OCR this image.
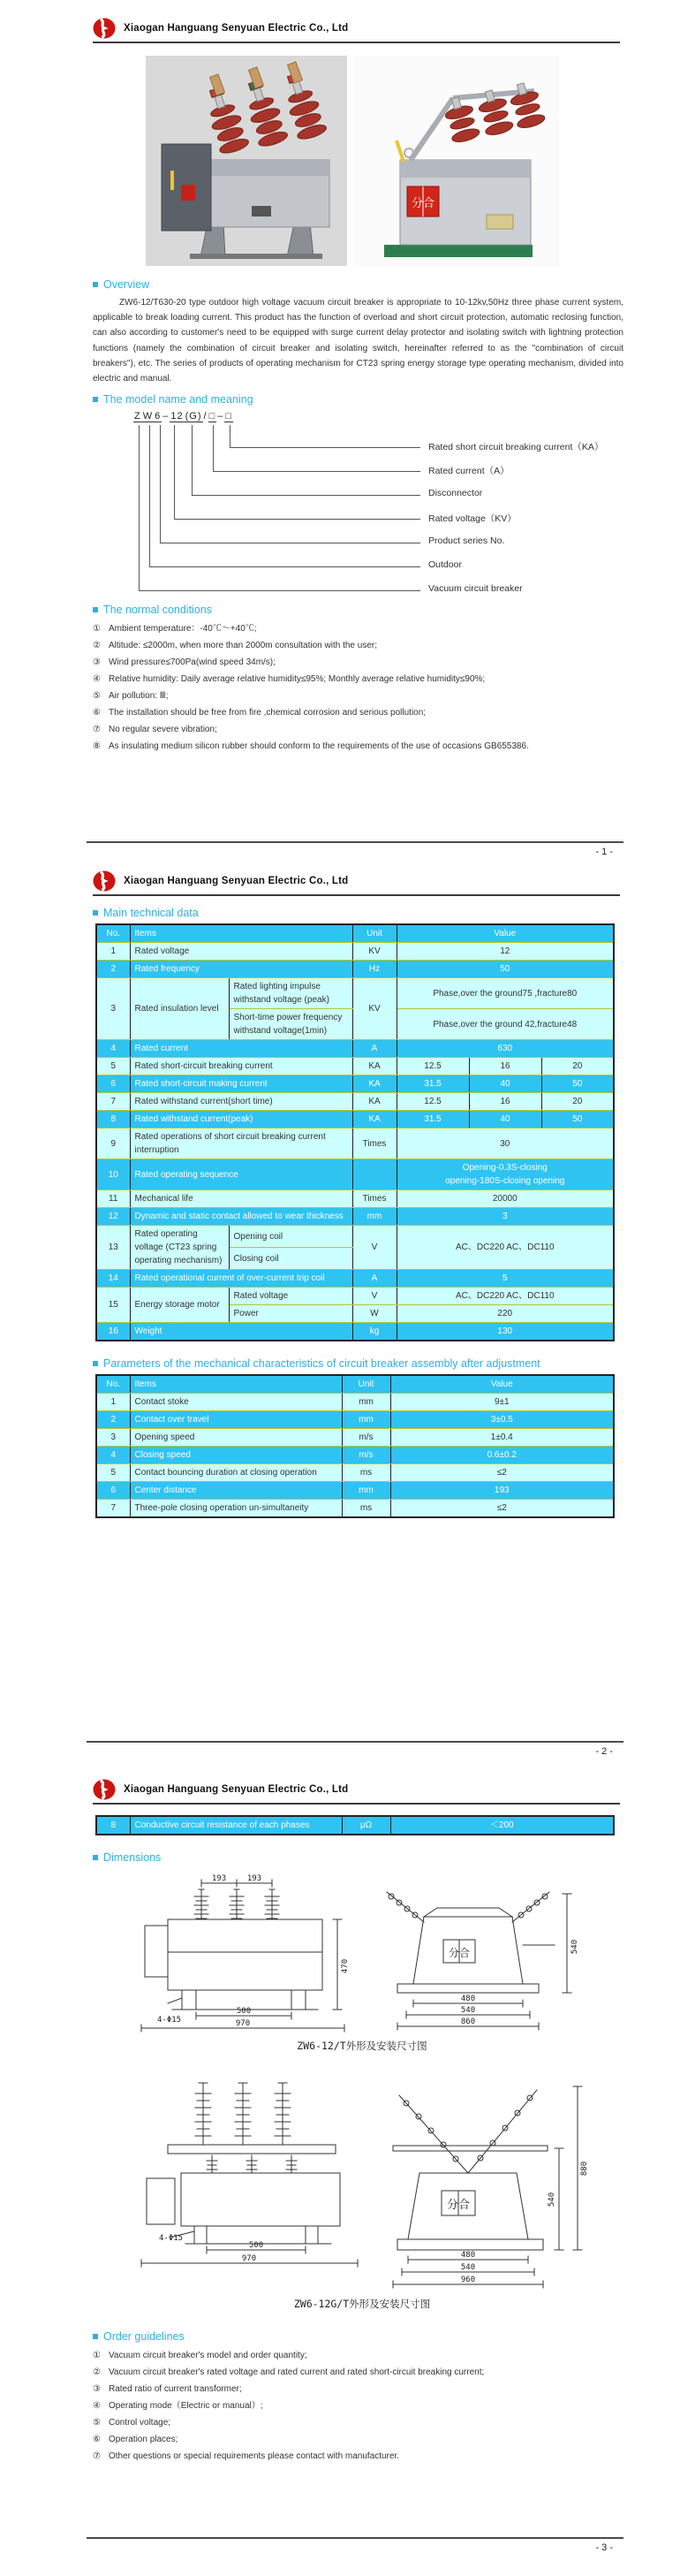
Xiaogan Hanguang Senyuan Electric Co., Ltd
分合
Overview
ZW6-12/T630-20 type outdoor high voltage vacuum circuit breaker is appropriate to 10-12kv,50Hz three phase current system, applicable to break loading current. This product has the function of overload and short circuit protection, automatic reclosing function, can also according to customer's need to be equipped with surge current delay protector and isolating switch with lightning protection functions (namely the combination of circuit breaker and isolating switch, hereinafter referred to as the "combination of circuit breakers"), etc. The series of products of operating mechanism for CT23 spring energy storage type operating mechanism, divided into electric and manual.
The model name and meaning
Z W 6 – 12 (G) / □ – □
Rated short circuit breaking current（KA）
Rated current（A）
Disconnector
Rated voltage（KV）
Product series No.
Outdoor
Vacuum circuit breaker
The normal conditions
① Ambient temperature：-40℃～+40℃;
② Altitude: ≤2000m, when more than 2000m consultation with the user;
③ Wind pressure≤700Pa(wind speed 34m/s);
④ Relative humidity: Daily average relative humidity≤95%; Monthly average relative humidity≤90%;
⑤ Air pollution: Ⅲ;
⑥ The installation should be free from fire ,chemical corrosion and serious pollution;
⑦ No regular severe vibration;
⑧ As insulating medium silicon rubber should conform to the requirements of the use of occasions GB655386.
- 1 -
Xiaogan Hanguang Senyuan Electric Co., Ltd
Main technical data
No.	Items		Unit	Value		
1	Rated voltage		KV	12		
2	Rated frequency		Hz	50		
3	Rated insulation level	Rated lighting impulse withstand voltage (peak)	KV	Phase,over the ground75 ,fracture80		
		Short-time power frequency withstand voltage(1min)		Phase,over the ground 42,fracture48		
4	Rated current		A	630		
5	Rated short-circuit breaking current		KA	12.5	16	20
6	Rated short-circuit making current		KA	31.5	40	50
7	Rated withstand current(short time)		KA	12.5	16	20
8	Rated withstand current(peak)		KA	31.5	40	50
9	Rated operations of short circuit breaking current interruption		Times	30		
10	Rated operating sequence			Opening-0.3S-closing
opening-180S-closing opening		

11	Mechanical life		Times	20000		
12	Dynamic and static contact allowed to wear thickness		mm	3		
13	Rated operating voltage (CT23 spring operating mechanism)	Opening coil	V	AC、DC220 AC、DC110		
		Closing coil				
14	Rated operational current of over-current trip coil		A	5		
15	Energy storage motor	Rated voltage	V	AC、DC220 AC、DC110		
		Power	W	220		
16	Weight		kg	130		
Parameters of the mechanical characteristics of circuit breaker assembly after adjustment
No.	Items	Unit	Value
1	Contact stoke	mm	9±1
2	Contact over travel	mm	3±0.5
3	Opening speed	m/s	1±0.4
4	Closing speed	m/s	0.6±0.2
5	Contact bouncing duration at closing operation	ms	≤2
6	Center distance	mm	193
7	Three-pole closing operation un-simultaneity	ms	≤2
- 2 -
Xiaogan Hanguang Senyuan Electric Co., Ltd
8	Conductive circuit resistance of each phases	μΩ	＜200
Dimensions
193	193
470
4-Φ15
500
970
540
480
540
860
分合
ZW6-12/T外形及安装尺寸图
4-Φ15
500
970
540
880
480
540
960
分合
ZW6-12G/T外形及安装尺寸图
Order guidelines
① Vacuum circuit breaker's model and order quantity;
② Vacuum circuit breaker's rated voltage and rated current and rated short-circuit breaking current;
③ Rated ratio of current transformer;
④ Operating mode（Electric or manual）;
⑤ Control voltage;
⑥ Operation places;
⑦ Other questions or special requirements please contact with manufacturer.
- 3 -
